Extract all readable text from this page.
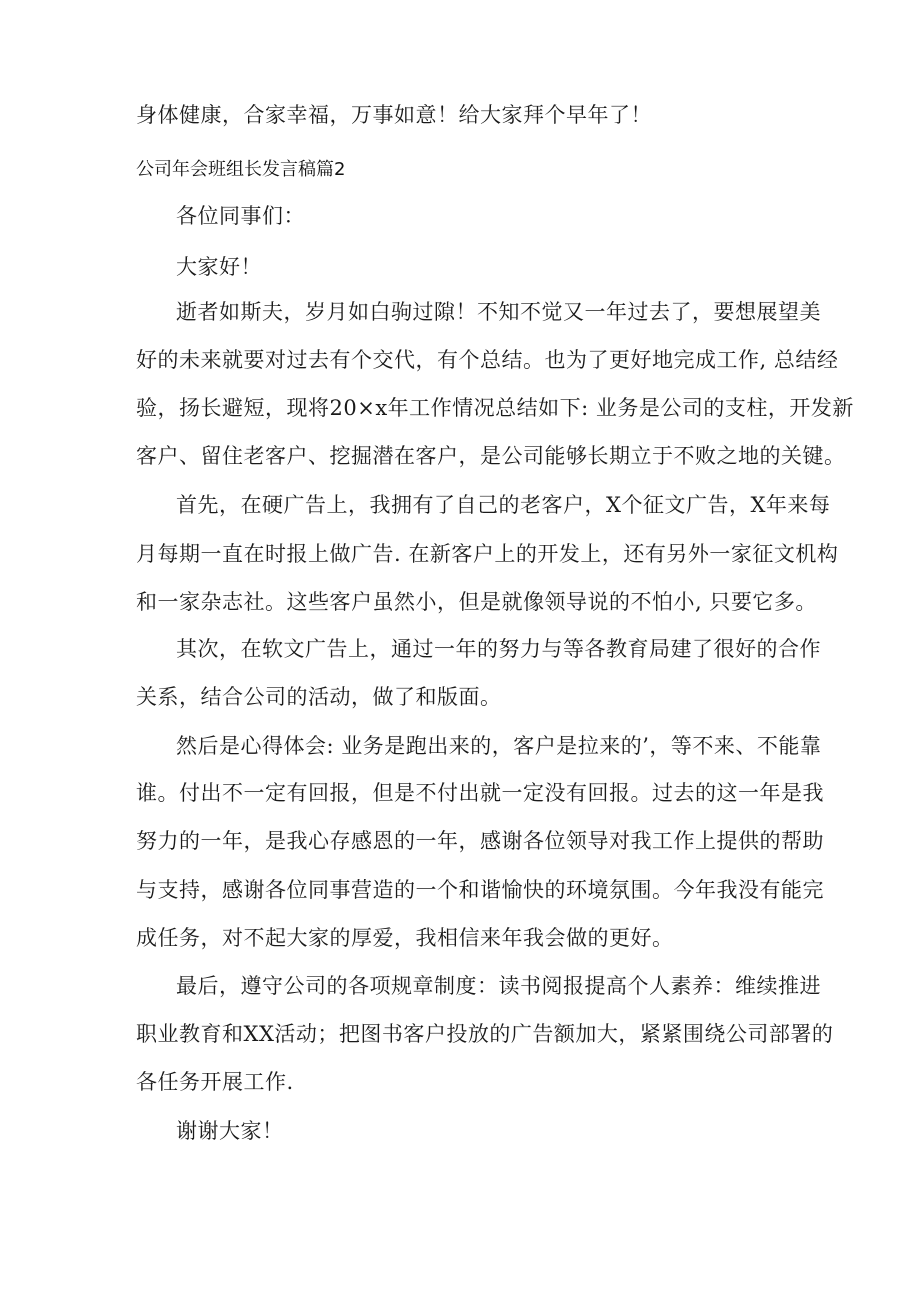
身体健康，合家幸福，万事如意！给大家拜个早年了！
公司年会班组长发言稿篇2
各位同事们：
大家好！
逝者如斯夫，岁月如白驹过隙！不知不觉又一年过去了，要想展望美
好的未来就要对过去有个交代，有个总结。也为了更好地完成工作, 总结经
验，扬长避短，现将20×x年工作情况总结如下: 业务是公司的支柱，开发新
客户、留住老客户、挖掘潜在客户，是公司能够长期立于不败之地的关键。
首先，在硬广告上，我拥有了自己的老客户，X个征文广告，X年来每
月每期一直在时报上做广告. 在新客户上的开发上，还有另外一家征文机构
和一家杂志社。这些客户虽然小，但是就像领导说的不怕小, 只要它多。
其次，在软文广告上，通过一年的努力与等各教育局建了很好的合作
关系，结合公司的活动，做了和版面。
然后是心得体会: 业务是跑出来的，客户是拉来的’，等不来、不能靠
谁。付出不一定有回报，但是不付出就一定没有回报。过去的这一年是我
努力的一年，是我心存感恩的一年，感谢各位领导对我工作上提供的帮助
与支持，感谢各位同事营造的一个和谐愉快的环境氛围。今年我没有能完
成任务，对不起大家的厚爱，我相信来年我会做的更好。
最后，遵守公司的各项规章制度：读书阅报提高个人素养：维续推进
职业教育和XX活动；把图书客户投放的广告额加大，紧紧围绕公司部署的
各任务开展工作.
谢谢大家！
